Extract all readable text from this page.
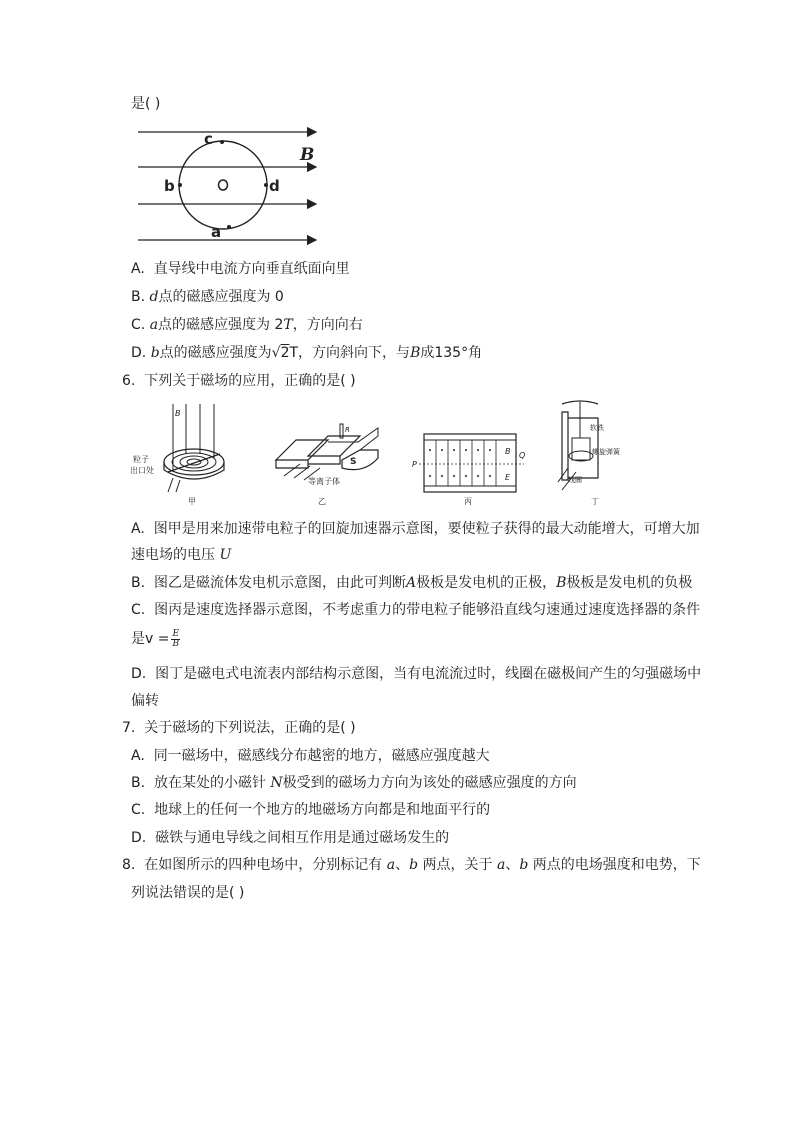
是( )
c
b	d
a
B
A. 直导线中电流方向垂直纸面向里
B. d点的磁感应强度为 0
C. a点的磁感应强度为 2T，方向向右
D. b点的磁感应强度为√2T，方向斜向下，与B成135°角
6. 下列关于磁场的应用，正确的是( )
B
粒子
出口处
甲
S
R
等离子体
乙
P
Q
B
E
丙
软铁
螺旋弹簧
线圈
丁
A. 图甲是用来加速带电粒子的回旋加速器示意图，要使粒子获得的最大动能增大，可增大加
速电场的电压 U
B. 图乙是磁流体发电机示意图，由此可判断A极板是发电机的正极，B极板是发电机的负极
C. 图丙是速度选择器示意图，不考虑重力的带电粒子能够沿直线匀速通过速度选择器的条件
是$v = \frac{E}{B}$
D. 图丁是磁电式电流表内部结构示意图，当有电流流过时，线圈在磁极间产生的匀强磁场中
偏转
7. 关于磁场的下列说法，正确的是( )
A. 同一磁场中，磁感线分布越密的地方，磁感应强度越大
B. 放在某处的小磁针 N极受到的磁场力方向为该处的磁感应强度的方向
C. 地球上的任何一个地方的地磁场方向都是和地面平行的
D. 磁铁与通电导线之间相互作用是通过磁场发生的
8. 在如图所示的四种电场中，分别标记有 a、b 两点，关于 a、b 两点的电场强度和电势，下
列说法错误的是( )
